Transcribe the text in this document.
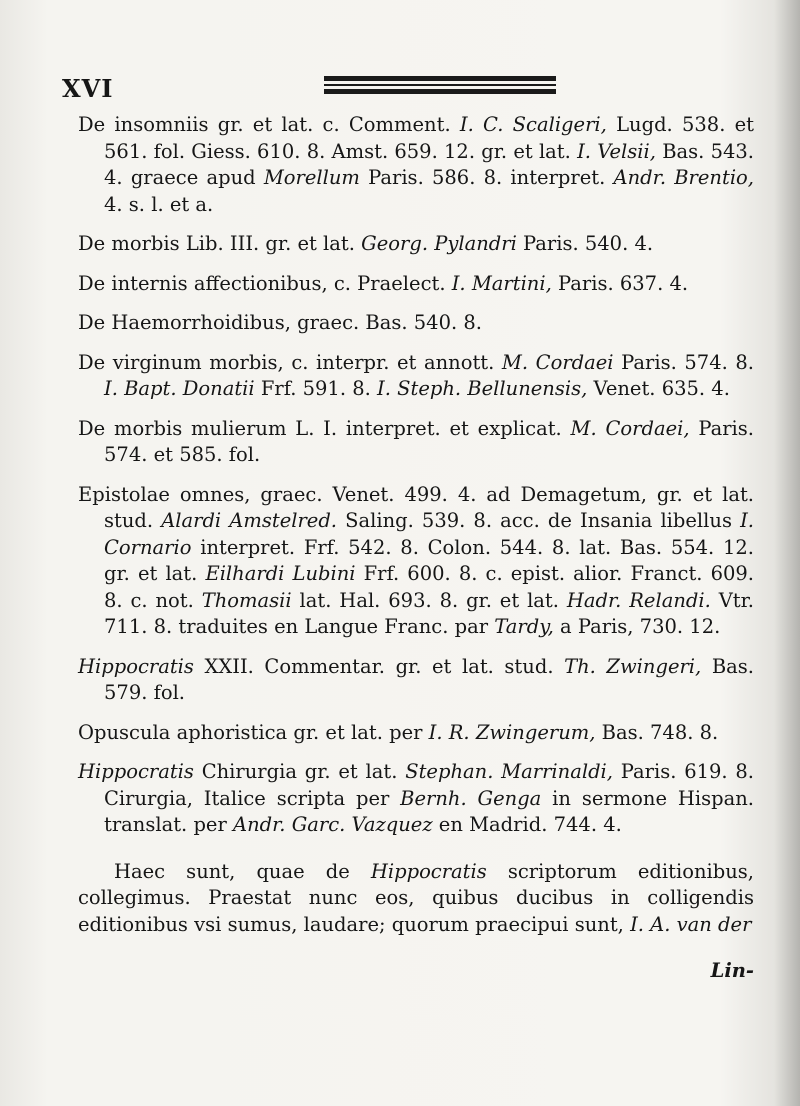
XVI

De insomniis gr. et lat. c. Comment. I. C. Scaligeri, Lugd. 538. et 561. fol. Giess. 610. 8. Amst. 659. 12. gr. et lat. I. Velsii, Bas. 543. 4. graece apud Morellum Paris. 586. 8. interpret. Andr. Brentio, 4. s. l. et a.

De morbis Lib. III. gr. et lat. Georg. Pylandri Paris. 540. 4.

De internis affectionibus, c. Praelect. I. Martini, Paris. 637. 4.

De Haemorrhoidibus, graec. Bas. 540. 8.

De virginum morbis, c. interpr. et annott. M. Cordaei Paris. 574. 8. I. Bapt. Donatii Frf. 591. 8. I. Steph. Bellunensis, Venet. 635. 4.

De morbis mulierum L. I. interpret. et explicat. M. Cordaei, Paris. 574. et 585. fol.

Epistolae omnes, graec. Venet. 499. 4. ad Demagetum, gr. et lat. stud. Alardi Amstelred. Saling. 539. 8. acc. de Insania libellus I. Cornario interpret. Frf. 542. 8. Colon. 544. 8. lat. Bas. 554. 12. gr. et lat. Eilhardi Lubini Frf. 600. 8. c. epist. alior. Franct. 609. 8. c. not. Thomasii lat. Hal. 693. 8. gr. et lat. Hadr. Relandi. Vtr. 711. 8. traduites en Langue Franc. par Tardy, a Paris, 730. 12.

Hippocratis XXII. Commentar. gr. et lat. stud. Th. Zwingeri, Bas. 579. fol.

Opuscula aphoristica gr. et lat. per I. R. Zwingerum, Bas. 748. 8.

Hippocratis Chirurgia gr. et lat. Stephan. Marrinaldi, Paris. 619. 8. Cirurgia, Italice scripta per Bernh. Genga in sermone Hispan. translat. per Andr. Garc. Vazquez en Madrid. 744. 4.

Haec sunt, quae de Hippocratis scriptorum editionibus, collegimus. Praestat nunc eos, quibus ducibus in colligendis editionibus vsi sumus, laudare; quorum praecipui sunt, I. A. van der

Lin-
